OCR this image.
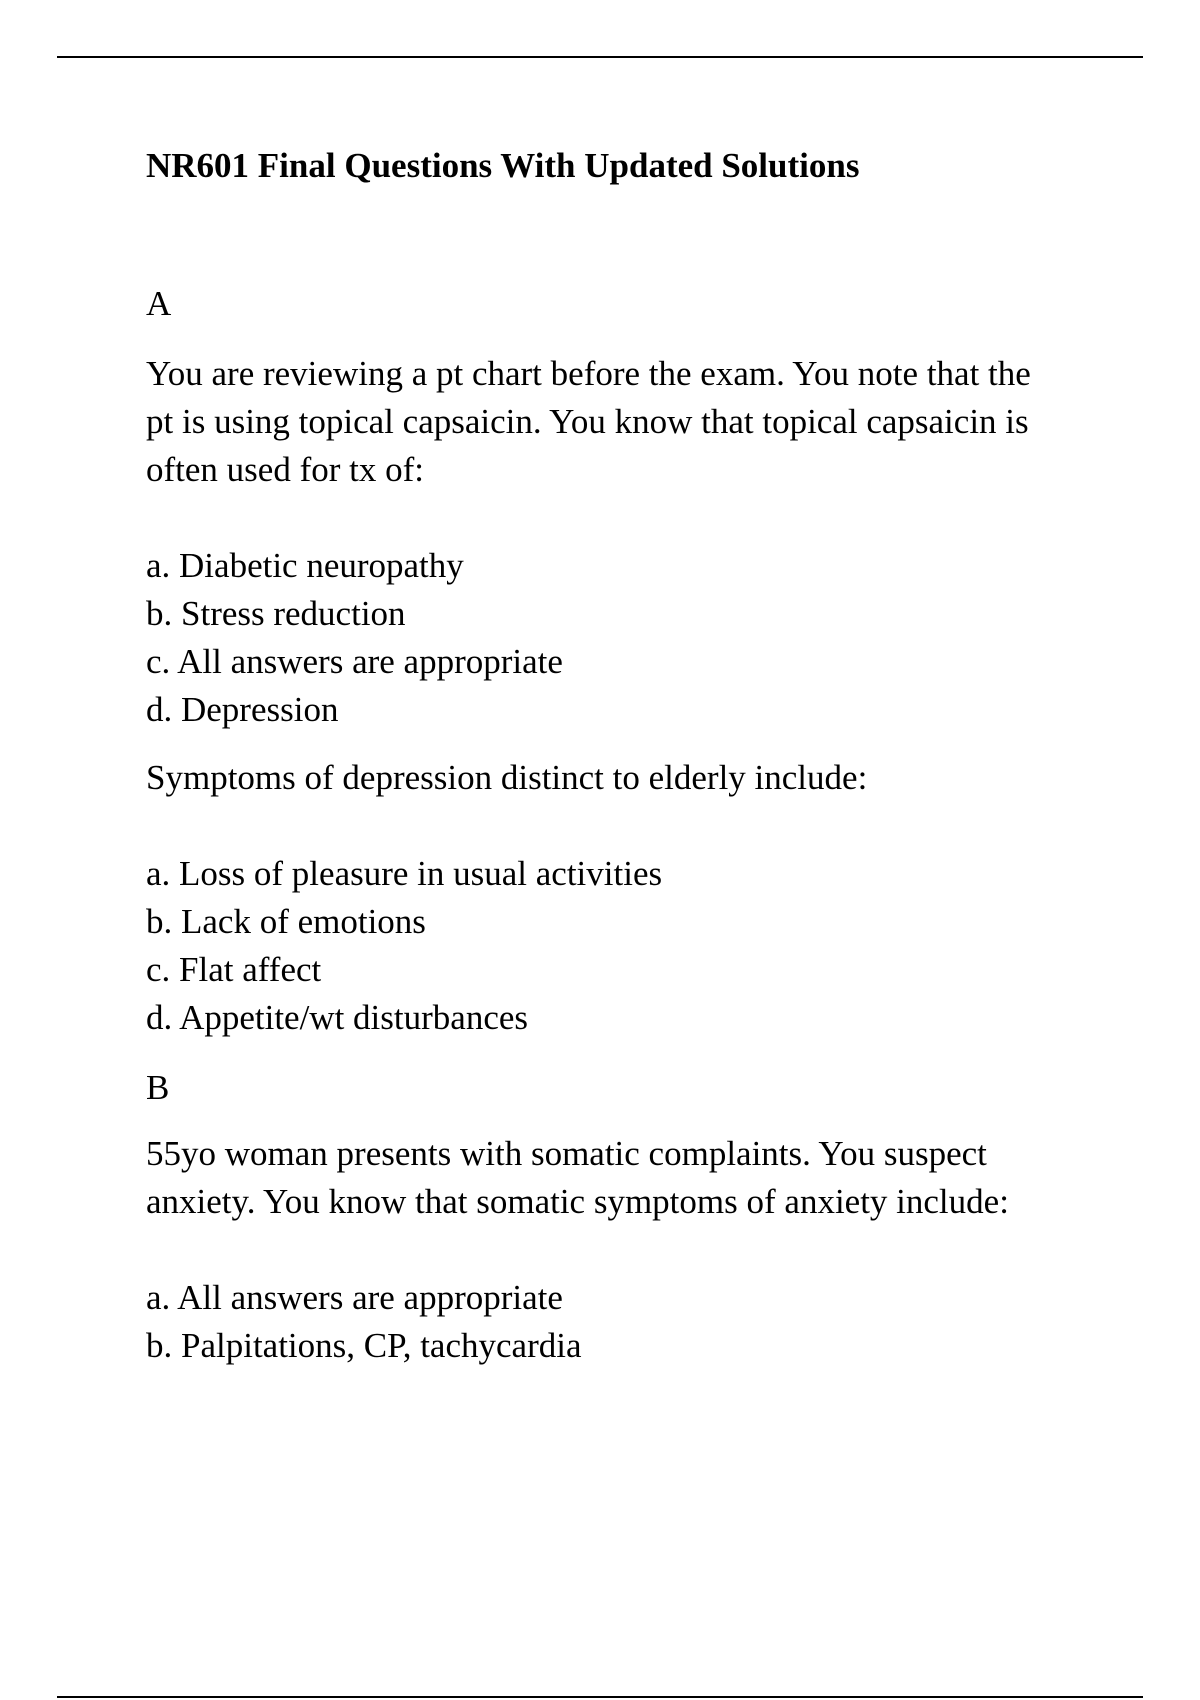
NR601 Final Questions With Updated Solutions
A
You are reviewing a pt chart before the exam. You note that the
pt is using topical capsaicin. You know that topical capsaicin is
often used for tx of:
a. Diabetic neuropathy
b. Stress reduction
c. All answers are appropriate
d. Depression
Symptoms of depression distinct to elderly include:
a. Loss of pleasure in usual activities
b. Lack of emotions
c. Flat affect
d. Appetite/wt disturbances
B
55yo woman presents with somatic complaints. You suspect
anxiety. You know that somatic symptoms of anxiety include:
a. All answers are appropriate
b. Palpitations, CP, tachycardia
